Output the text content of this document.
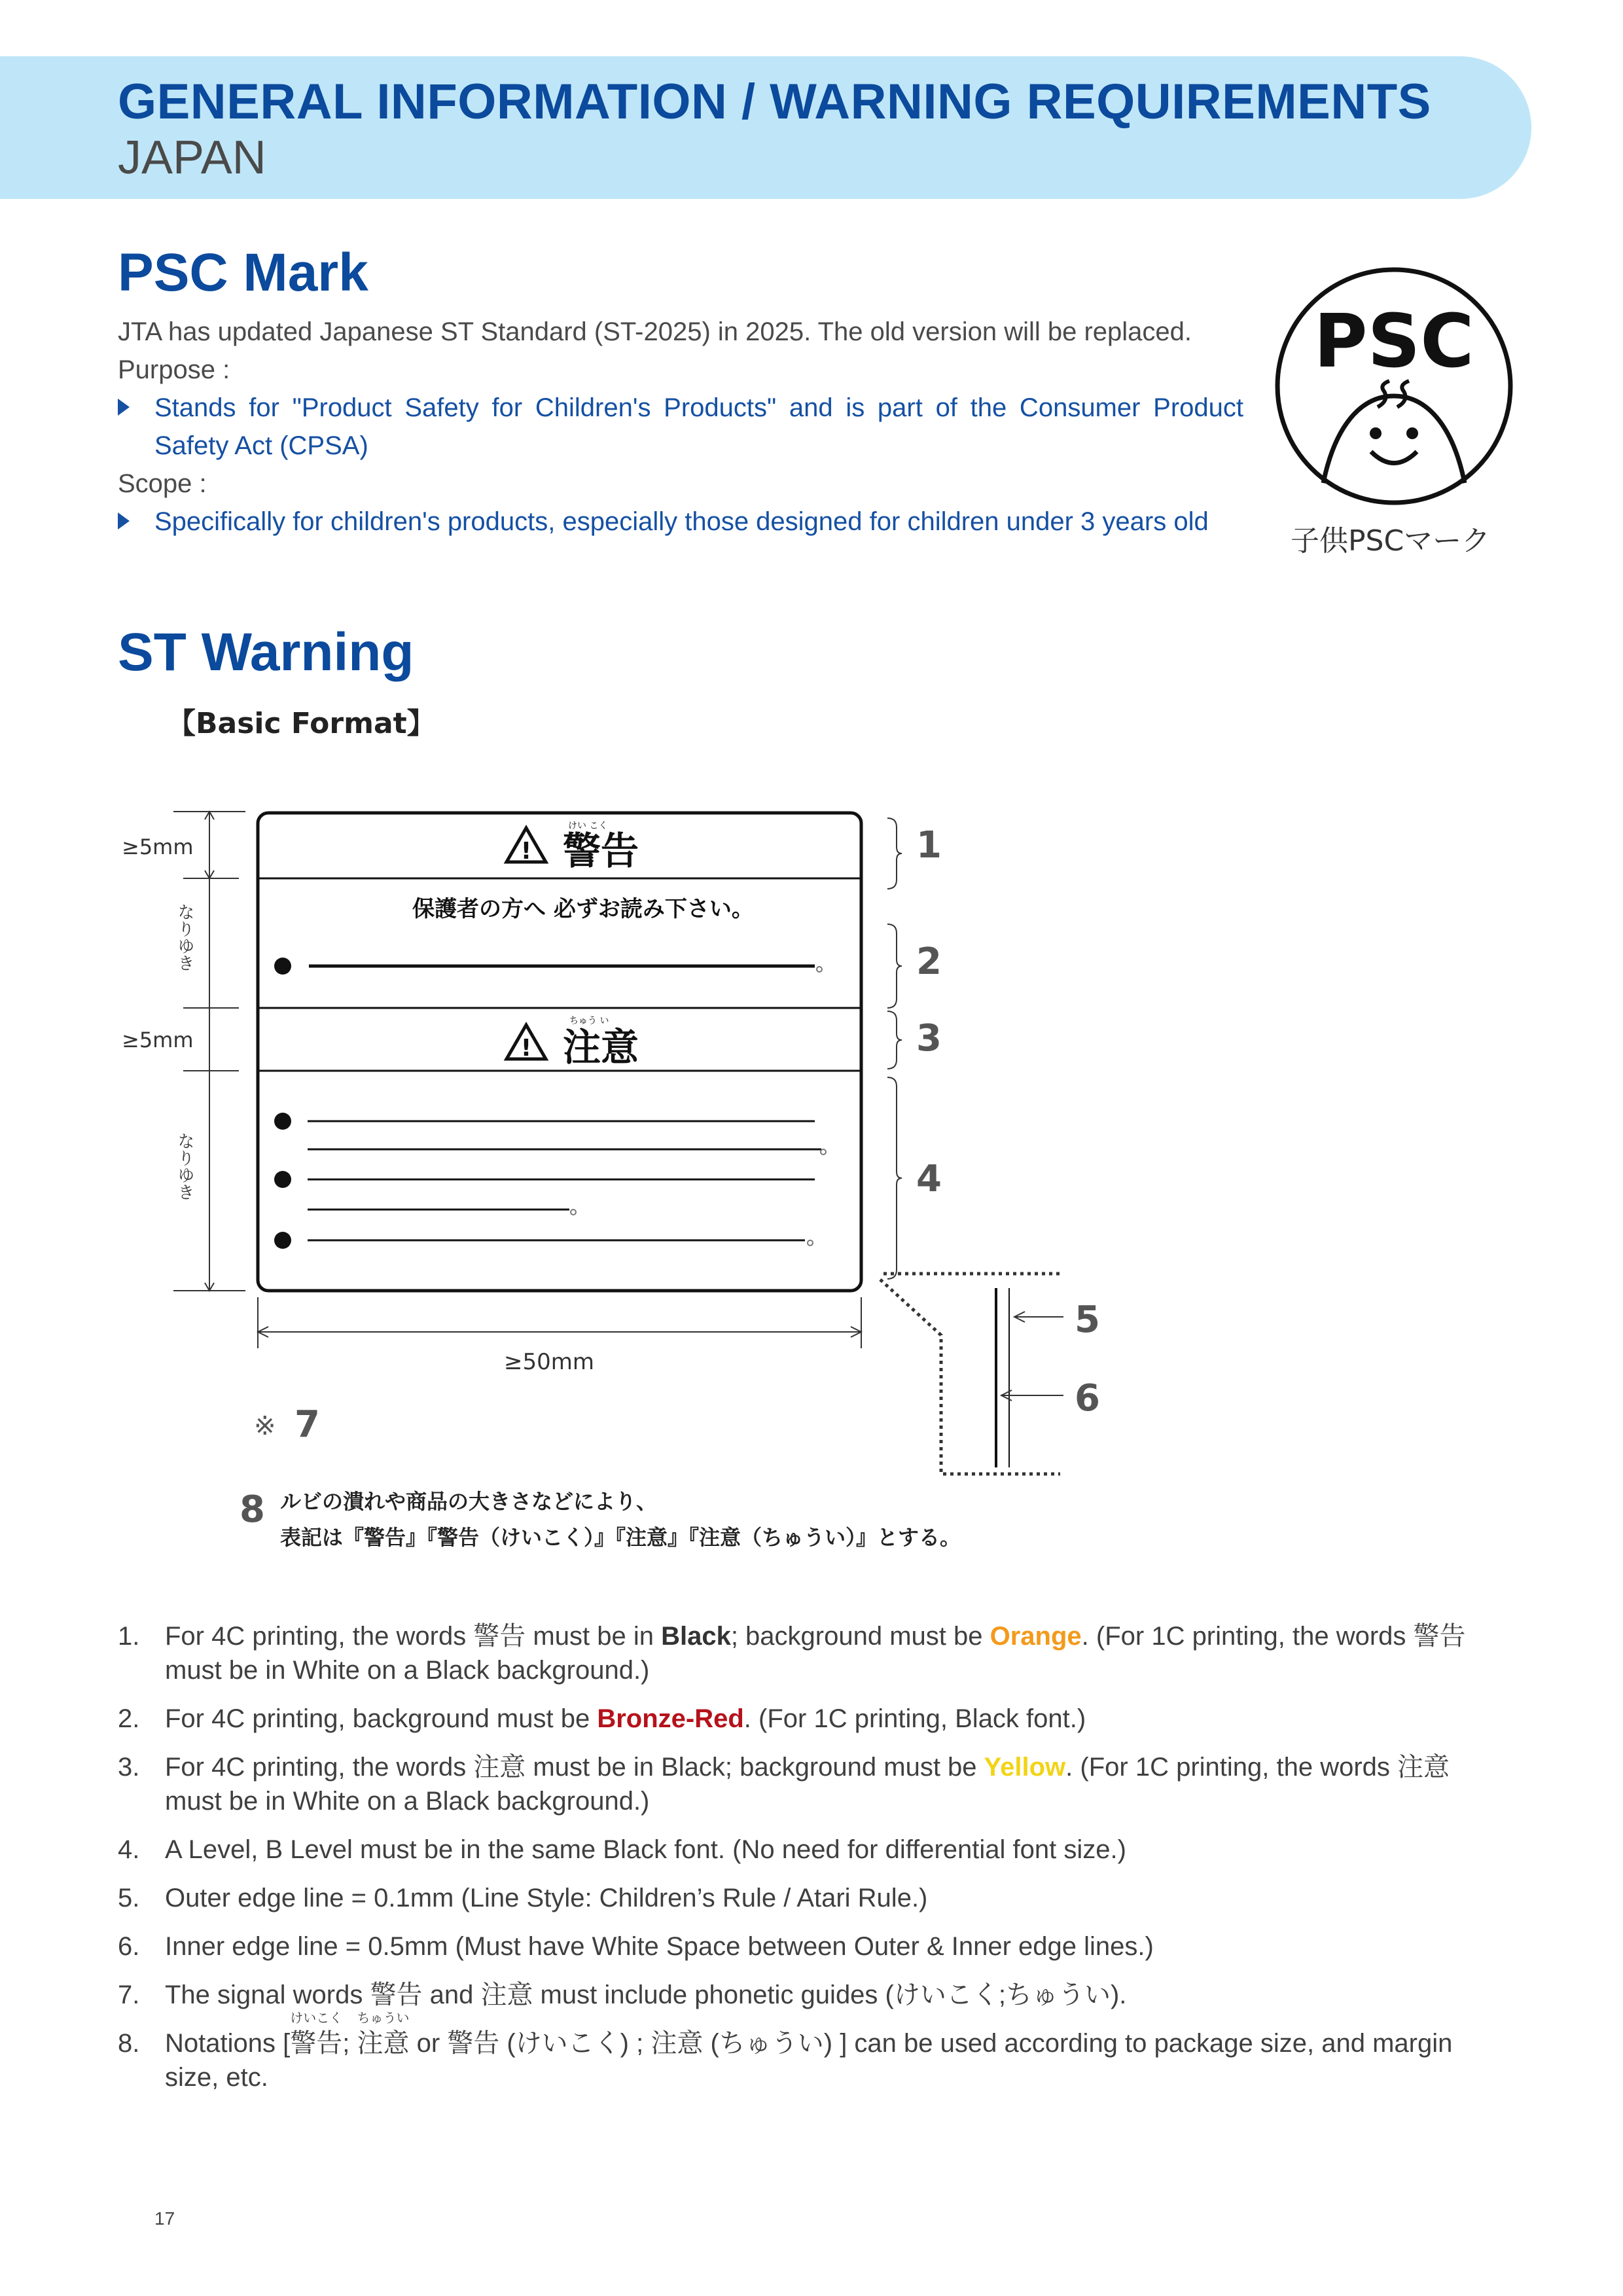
GENERAL INFORMATION / WARNING REQUIREMENTS
JAPAN
PSC Mark

JTA has updated Japanese ST Standard (ST-2025) in 2025. The old version will be replaced.

Purpose :

Stands for "Product Safety for Children's Products" and is part of the Consumer Product Safety Act (CPSA)

Scope :

Specifically for children's products, especially those designed for children under 3 years old

PSC
子供PSCマーク
ST Warning
【Basic Format】
! 警告
けい こく
保護者の方へ 必ずお読み下さい。
! 注意
ちゅう い
≥5mm
≥5mm
なりゆき
なりゆき
≥50mm
1
2
3
4
5
6
7
8
※
ルビの潰れや商品の大きさなどにより、
表記は『警告』『警告（けいこく）』『注意』『注意（ちゅうい）』とする。
1. For 4C printing, the words 警告 must be in Black; background must be Orange. (For 1C printing, the words 警告 must be in White on a Black background.)
2. For 4C printing, background must be Bronze-Red. (For 1C printing, Black font.)
3. For 4C printing, the words 注意 must be in Black; background must be Yellow. (For 1C printing, the words 注意 must be in White on a Black background.)
4. A Level, B Level must be in the same Black font. (No need for differential font size.)
5. Outer edge line = 0.1mm (Line Style: Children’s Rule / Atari Rule.)
6. Inner edge line = 0.5mm (Must have White Space between Outer & Inner edge lines.)
7. The signal words 警告 and 注意 must include phonetic guides (けいこく;ちゅうい).
8. Notations [
けいこく
警告;
ちゅうい
注意 or 警告 (けいこく) ; 注意 (ちゅうい) ] can be used according to package size, and margin size, etc.
17
